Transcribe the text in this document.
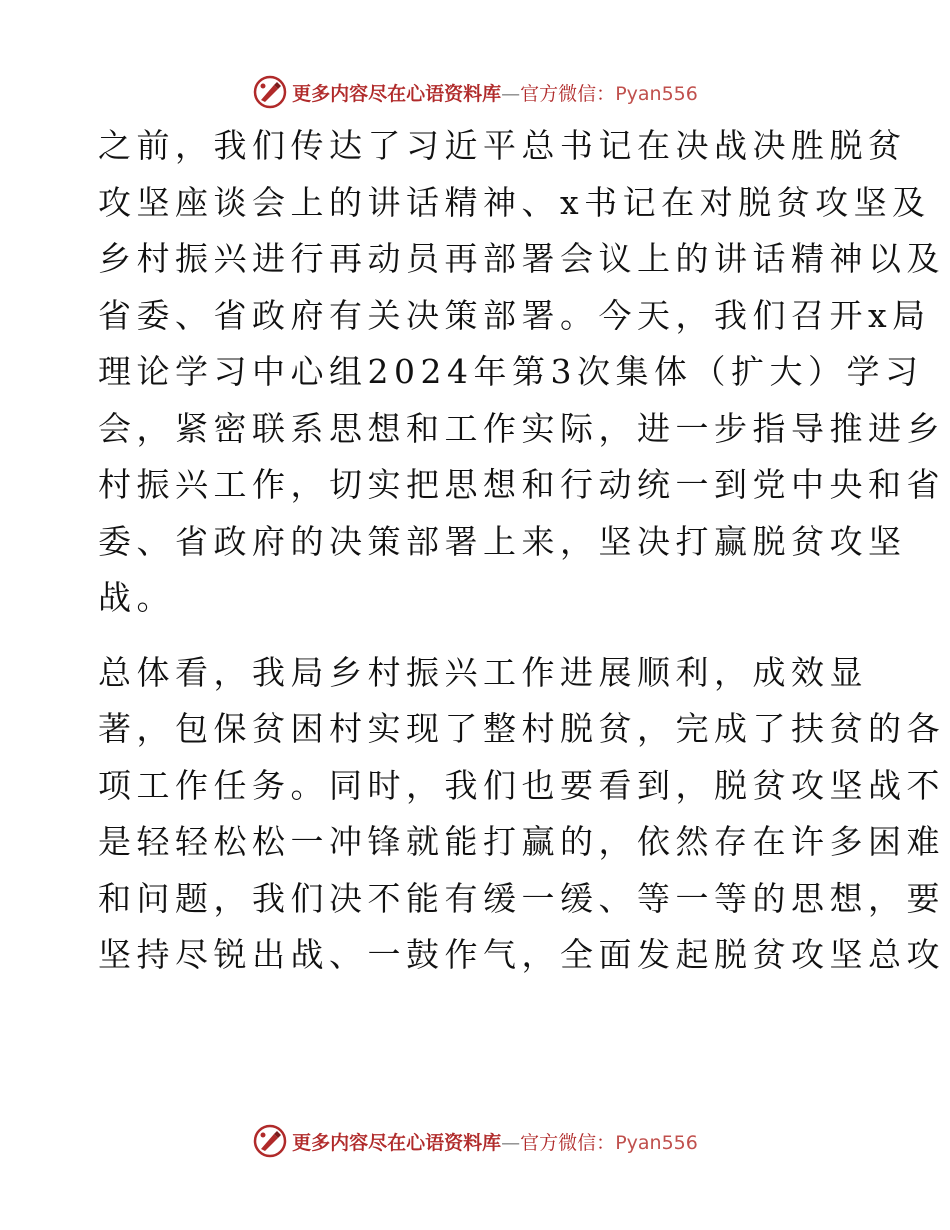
更多内容尽在心语资料库—官方微信：Pyan556

之前，我们传达了习近平总书记在决战决胜脱贫
攻坚座谈会上的讲话精神、x书记在对脱贫攻坚及
乡村振兴进行再动员再部署会议上的讲话精神以及
省委、省政府有关决策部署。今天，我们召开x局
理论学习中心组2024年第3次集体（扩大）学习
会，紧密联系思想和工作实际，进一步指导推进乡
村振兴工作，切实把思想和行动统一到党中央和省
委、省政府的决策部署上来，坚决打赢脱贫攻坚
战。

总体看，我局乡村振兴工作进展顺利，成效显
著，包保贫困村实现了整村脱贫，完成了扶贫的各
项工作任务。同时，我们也要看到，脱贫攻坚战不
是轻轻松松一冲锋就能打赢的，依然存在许多困难
和问题，我们决不能有缓一缓、等一等的思想，要
坚持尽锐出战、一鼓作气，全面发起脱贫攻坚总攻

更多内容尽在心语资料库—官方微信：Pyan556
